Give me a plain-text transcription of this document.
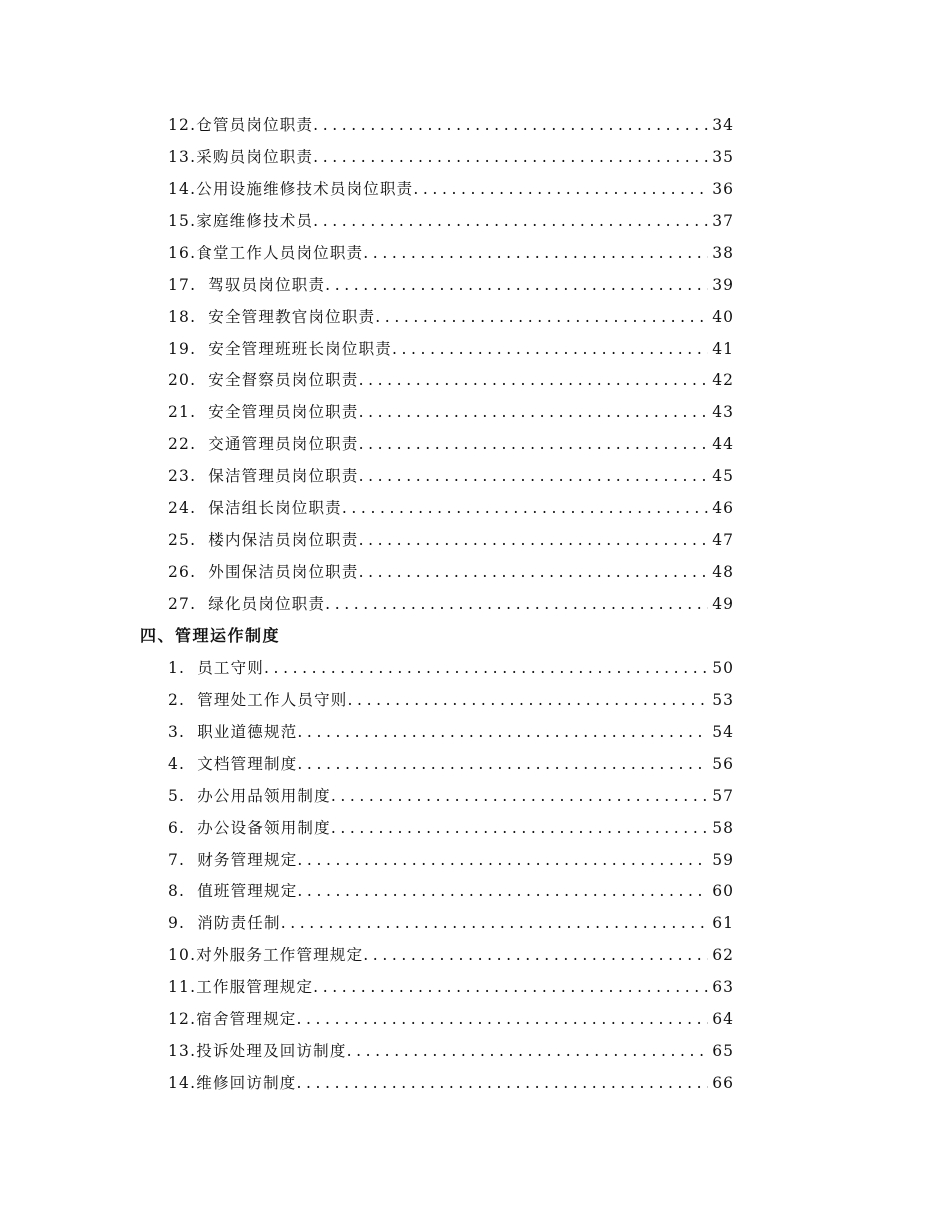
12. 仓管员岗位职责 .....	34
13. 采购员岗位职责 .....	35
14. 公用设施维修技术员岗位职责 .....	36
15. 家庭维修技术员 .....	37
16. 食堂工作人员岗位职责 .....	38
17. 驾驭员岗位职责 .....	39
18. 安全管理教官岗位职责 .....	40
19. 安全管理班班长岗位职责 .....	41
20. 安全督察员岗位职责 .....	42
21. 安全管理员岗位职责 .....	43
22. 交通管理员岗位职责 .....	44
23. 保洁管理员岗位职责 .....	45
24. 保洁组长岗位职责 .....	46
25. 楼内保洁员岗位职责 .....	47
26. 外围保洁员岗位职责 .....	48
27. 绿化员岗位职责 .....	49
四、管理运作制度
1. 员工守则 .....	50
2. 管理处工作人员守则 .....	53
3. 职业道德规范 .....	54
4. 文档管理制度 .....	56
5. 办公用品领用制度 .....	57
6. 办公设备领用制度 .....	58
7. 财务管理规定 .....	59
8. 值班管理规定 .....	60
9. 消防责任制 .....	61
10. 对外服务工作管理规定 .....	62
11. 工作服管理规定 .....	63
12. 宿舍管理规定 .....	64
13. 投诉处理及回访制度 .....	65
14. 维修回访制度 .....	66
